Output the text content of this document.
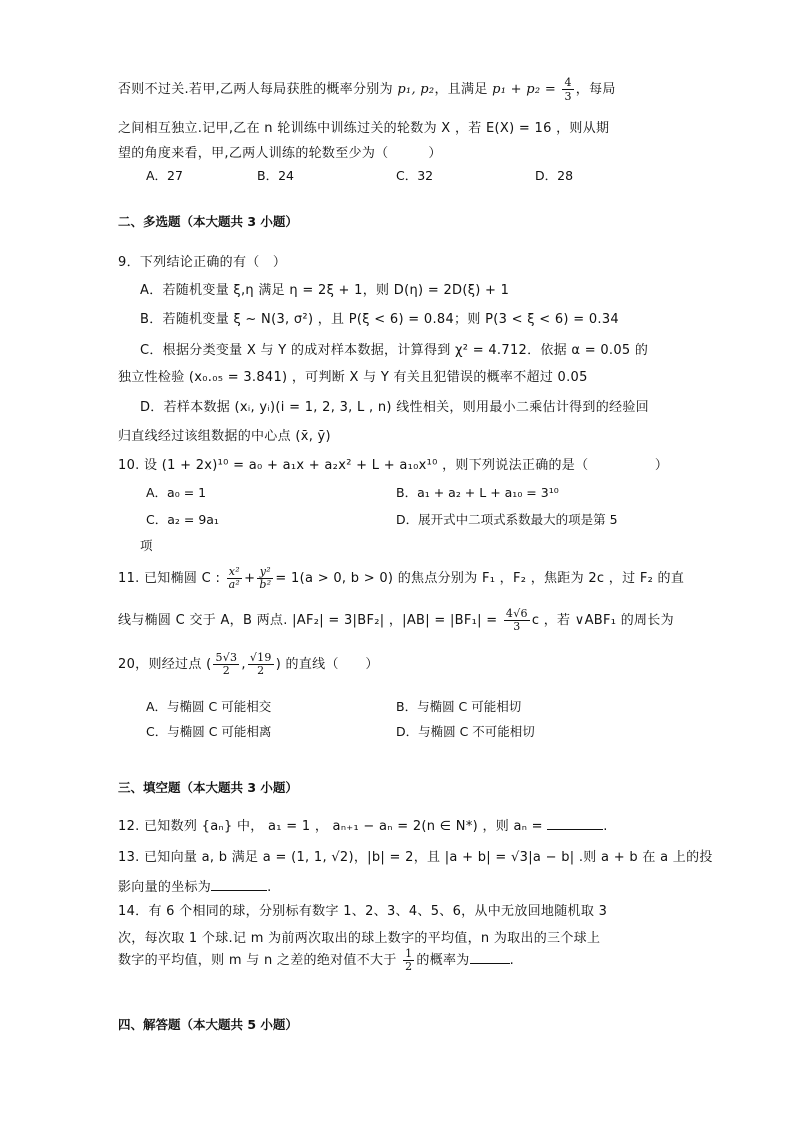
否则不过关.若甲,乙两人每局获胜的概率分别为 p₁, p₂，且满足 $p_1 + p_2 = \frac{4}{3}$ ，每局
之间相互独立.记甲,乙在 n 轮训练中训练过关的轮数为 X ，若 E(X) = 16 ，则从期
望的角度来看，甲,乙两人训练的轮数至少为（　　　）
A．27	B．24	C．32	D．28
二、多选题（本大题共 3 小题）
9．下列结论正确的有（　）
A．若随机变量 ξ,η 满足 η = 2ξ + 1，则 D(η) = 2D(ξ) + 1
B．若随机变量 ξ ~ N(3, σ²) ，且 P(ξ < 6) = 0.84；则 P(3 < ξ < 6) = 0.34
C．根据分类变量 X 与 Y 的成对样本数据，计算得到 χ² = 4.712．依据 α = 0.05 的
独立性检验 (x₀.₀₅ = 3.841) ，可判断 X 与 Y 有关且犯错误的概率不超过 0.05
D．若样本数据 (xᵢ, yᵢ)(i = 1, 2, 3, L , n) 线性相关，则用最小二乘估计得到的经验回
归直线经过该组数据的中心点 (x̄, ȳ)
10. 设 (1 + 2x)¹⁰ = a₀ + a₁x + a₂x² + L + a₁₀x¹⁰ ，则下列说法正确的是（　　　　　）
A．a₀ = 1	B．a₁ + a₂ + L + a₁₀ = 3¹⁰
C．a₂ = 9a₁	D．展开式中二项式系数最大的项是第 5
项
11. 已知椭圆 C : $\frac{\text{x²}}{\text{a²}} + \frac{\text{y²}}{\text{b²}} = 1(a > 0$, b > 0) 的焦点分别为 F₁ ，F₂ ，焦距为 2c ，过 F₂ 的直
线与椭圆 C 交于 A，B 两点. |AF₂| = 3|BF₂| ，$|AB| = |BF_1| = \frac{4√6}{3}$ c ，若 ∨ABF₁ 的周长为
20，则经过点 ( $\frac{5√3}{2}$ , $\frac{√19}{2}$ ) 的直线（　　）
A．与椭圆 C 可能相交	B．与椭圆 C 可能相切
C．与椭圆 C 可能相离	D．与椭圆 C 不可能相切
三、填空题（本大题共 3 小题）
12. 已知数列 {aₙ} 中， a₁ = 1 ， aₙ₊₁ − aₙ = 2(n ∈ N*) ，则 aₙ =	.
13. 已知向量 a, b 满足 a = (1, 1, √2)，|b| = 2，且 |a + b| = √3|a − b| .则 a + b 在 a 上的投
影向量的坐标为	.
14．有 6 个相同的球，分别标有数字 1、2、3、4、5、6，从中无放回地随机取 3
次，每次取 1 个球.记 m 为前两次取出的球上数字的平均值，n 为取出的三个球上
数字的平均值，则 m 与 n 之差的绝对值不大于 $\frac{1}{2}$ 的概率为	.
四、解答题（本大题共 5 小题）
